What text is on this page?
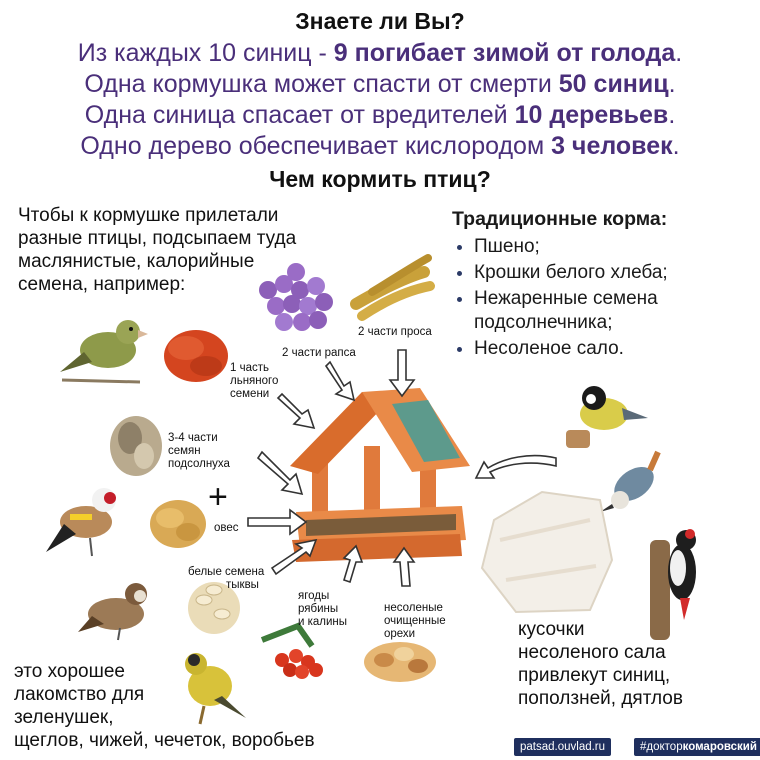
Знаете ли Вы?
Из каждых 10 синиц - 9 погибает зимой от голода.
Одна кормушка может спасти от смерти 50 синиц.
Одна синица спасает от вредителей 10 деревьев.
Одно дерево обеспечивает кислородом 3 человек.
Чем кормить птиц?
Чтобы к кормушке прилетали
разные птицы, подсыпаем туда
маслянистые, калорийные
семена, например:
Традиционные корма:
• Пшено;
• Крошки белого хлеба;
• Нежаренные семена
подсолнечника;
• Несоленое сало.
+
2 части проса
2 части рапса
1 часть
льняного
семени
3-4 части
семян
подсолнуха
овес
белые семена
тыквы
ягоды
рябины
и калины
несоленые
очищенные
орехи
это хорошее
лакомство для
зеленушек,
щеглов, чижей, чечеток, воробьев
кусочки
несоленого сала
привлекут синиц,
поползней, дятлов
patsad.ouvlad.ru	#докторкомаровский
